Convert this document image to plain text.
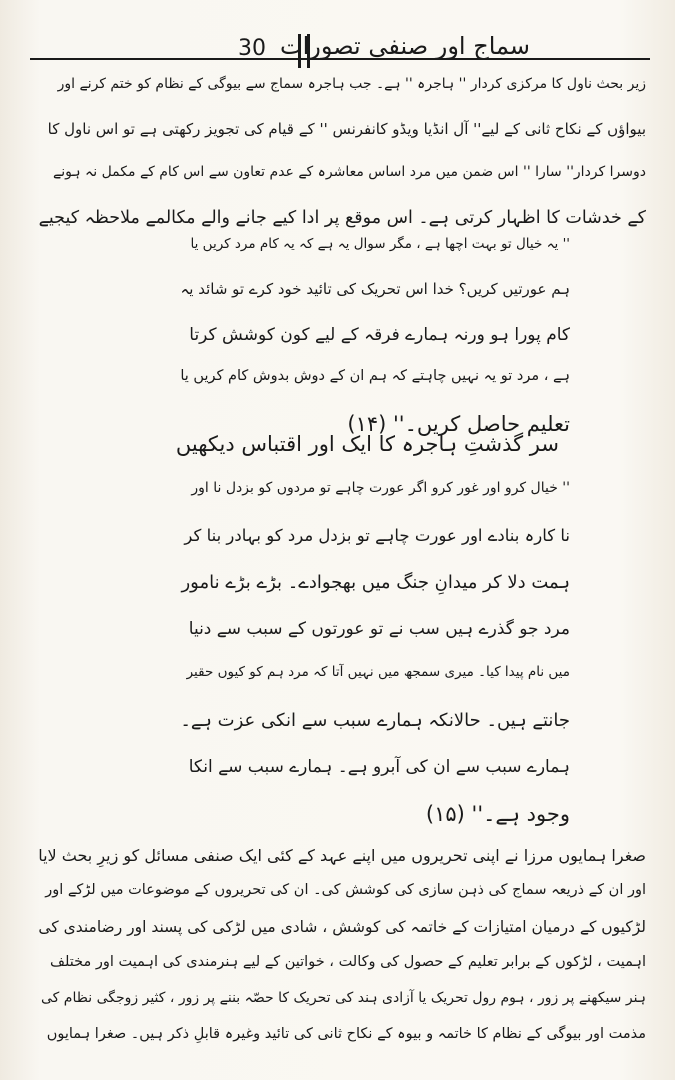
30 سماج اور صنفی تصورات
زیر بحث ناول کا مرکزی کردار '' ہاجرہ '' ہے۔ جب ہاجرہ سماج سے بیوگی کے نظام کو ختم کرنے اور
بیواؤں کے نکاح ثانی کے لیے'' آل انڈیا ویڈو کانفرنس '' کے قیام کی تجویز رکھتی ہے تو اس ناول کا
دوسرا کردار'' سارا '' اس ضمن میں مرد اساس معاشرہ کے عدم تعاون سے اس کام کے مکمل نہ ہونے
کے خدشات کا اظہار کرتی ہے۔ اس موقع پر ادا کیے جانے والے مکالمے ملاحظہ کیجیے
'' یہ خیال تو بہت اچھا ہے ، مگر سوال یہ ہے کہ یہ کام مرد کریں یا
ہم عورتیں کریں؟ خدا اس تحریک کی تائید خود کرے تو شائد یہ
کام پورا ہو ورنہ ہمارے فرقہ کے لیے کون کوشش کرتا
ہے ، مرد تو یہ نہیں چاہتے کہ ہم ان کے دوش بدوش کام کریں یا
تعلیم حاصل کریں۔'' (۱۴)
سر گذشتِ ہاجرہ کا ایک اور اقتباس دیکھیں
'' خیال کرو اور غور کرو اگر عورت چاہے تو مردوں کو بزدل نا اور
نا کارہ بنادے اور عورت چاہے تو بزدل مرد کو بہادر بنا کر
ہمت دلا کر میدانِ جنگ میں بھجوادے۔ بڑے بڑے نامور
مرد جو گذرے ہیں سب نے تو عورتوں کے سبب سے دنیا
میں نام پیدا کیا۔ میری سمجھ میں نہیں آتا کہ مرد ہم کو کیوں حقیر
جانتے ہیں۔ حالانکہ ہمارے سبب سے انکی عزت ہے۔
ہمارے سبب سے ان کی آبرو ہے۔ ہمارے سبب سے انکا
وجود ہے۔'' (۱۵)
صغرا ہمایوں مرزا نے اپنی تحریروں میں اپنے عہد کے کئی ایک صنفی مسائل کو زیرِ بحث لایا
اور ان کے ذریعہ سماج کی ذہن سازی کی کوشش کی۔ ان کی تحریروں کے موضوعات میں لڑکے اور
لڑکیوں کے درمیان امتیازات کے خاتمہ کی کوشش ، شادی میں لڑکی کی پسند اور رضامندی کی
اہمیت ، لڑکوں کے برابر تعلیم کے حصول کی وکالت ، خواتین کے لیے ہنرمندی کی اہمیت اور مختلف
ہنر سیکھنے پر زور ، ہوم رول تحریک یا آزادی ہند کی تحریک کا حصّہ بننے پر زور ، کثیر زوجگی نظام کی
مذمت اور بیوگی کے نظام کا خاتمہ و بیوہ کے نکاح ثانی کی تائید وغیرہ قابلِ ذکر ہیں۔ صغرا ہمایوں
